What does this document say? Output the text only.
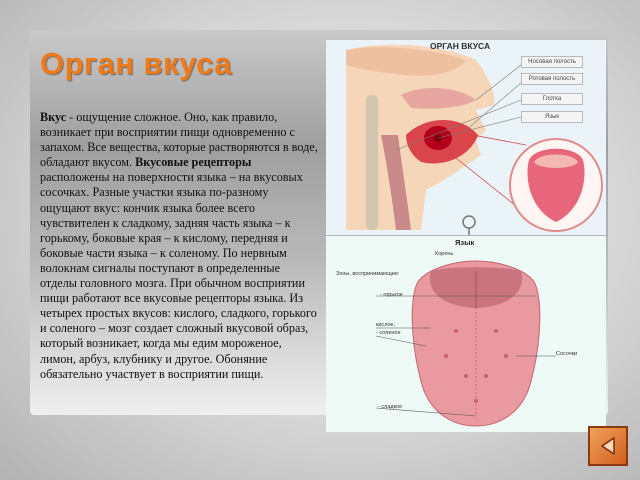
Орган вкуса

Вкус - ощущение сложное. Оно, как правило, возникает при восприятии пищи одновременно с запахом. Все вещества, которые растворяются в воде, обладают вкусом. Вкусовые рецепторы расположены на поверхности языка – на вкусовых сосочках. Разные участки языка по-разному ощущают вкус: кончик языка более всего чувствителен к сладкому, задняя часть языка – к горькому, боковые края – к кислому, передняя и боковые части языка – к соленому. По нервным волокнам сигналы поступают в определенные отделы головного мозга. При обычном восприятии пищи работают все вкусовые рецепторы языка. Из четырех простых вкусов: кислого, сладкого, горького и соленого – мозг создает сложный вкусовой образ, который возникает, когда мы едим мороженое, лимон, арбуз, клубнику и другое. Обоняние обязательно участвует в восприятии пищи.

ОРГАН ВКУСА
Носовая полость
Ротовая полость
Глотка
Язык
Язык
Корень
Зоны, воспринимающие:
- горькое
кислое,
- соленое
- сладкое
Сосочки
